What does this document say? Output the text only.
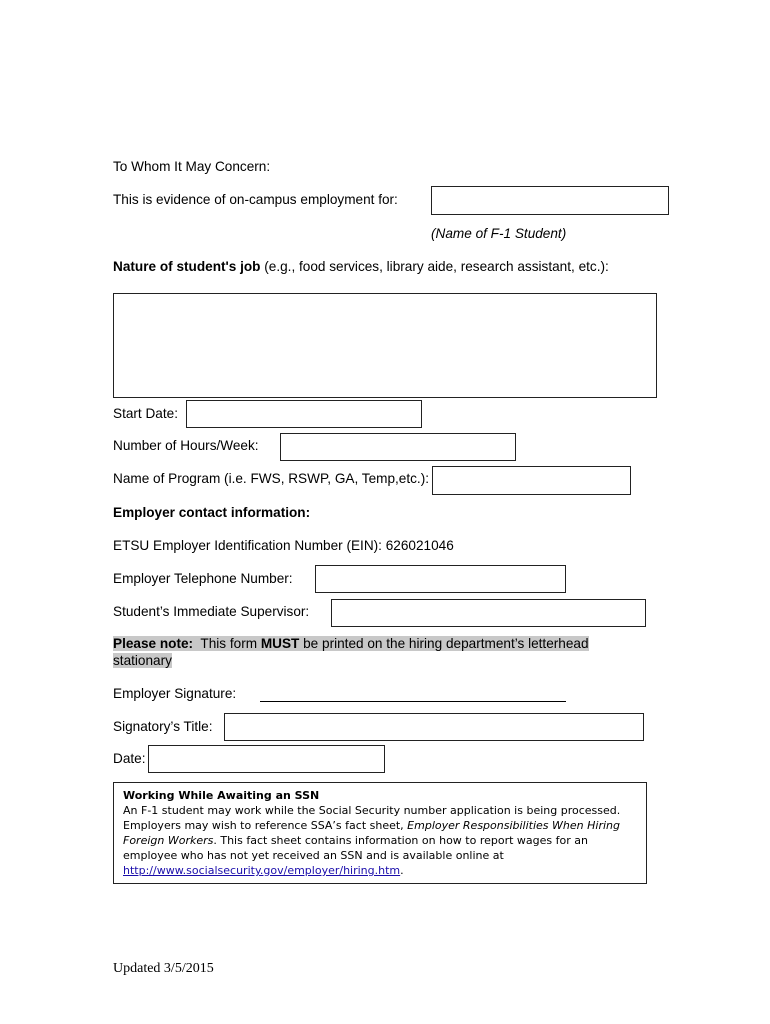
To Whom It May Concern:
This is evidence of on-campus employment for:
(Name of F-1 Student)
Nature of student's job (e.g., food services, library aide, research assistant, etc.):
Start Date:
Number of Hours/Week:
Name of Program (i.e. FWS, RSWP, GA, Temp,etc.):
Employer contact information:
ETSU Employer Identification Number (EIN): 626021046
Employer Telephone Number:
Student’s Immediate Supervisor:
Please note:  This form MUST be printed on the hiring department’s letterhead stationary
Employer Signature:
Signatory’s Title:
Date:
Working While Awaiting an SSN
An F-1 student may work while the Social Security number application is being processed. Employers may wish to reference SSA’s fact sheet, Employer Responsibilities When Hiring Foreign Workers. This fact sheet contains information on how to report wages for an employee who has not yet received an SSN and is available online at http://www.socialsecurity.gov/employer/hiring.htm.
Updated 3/5/2015
